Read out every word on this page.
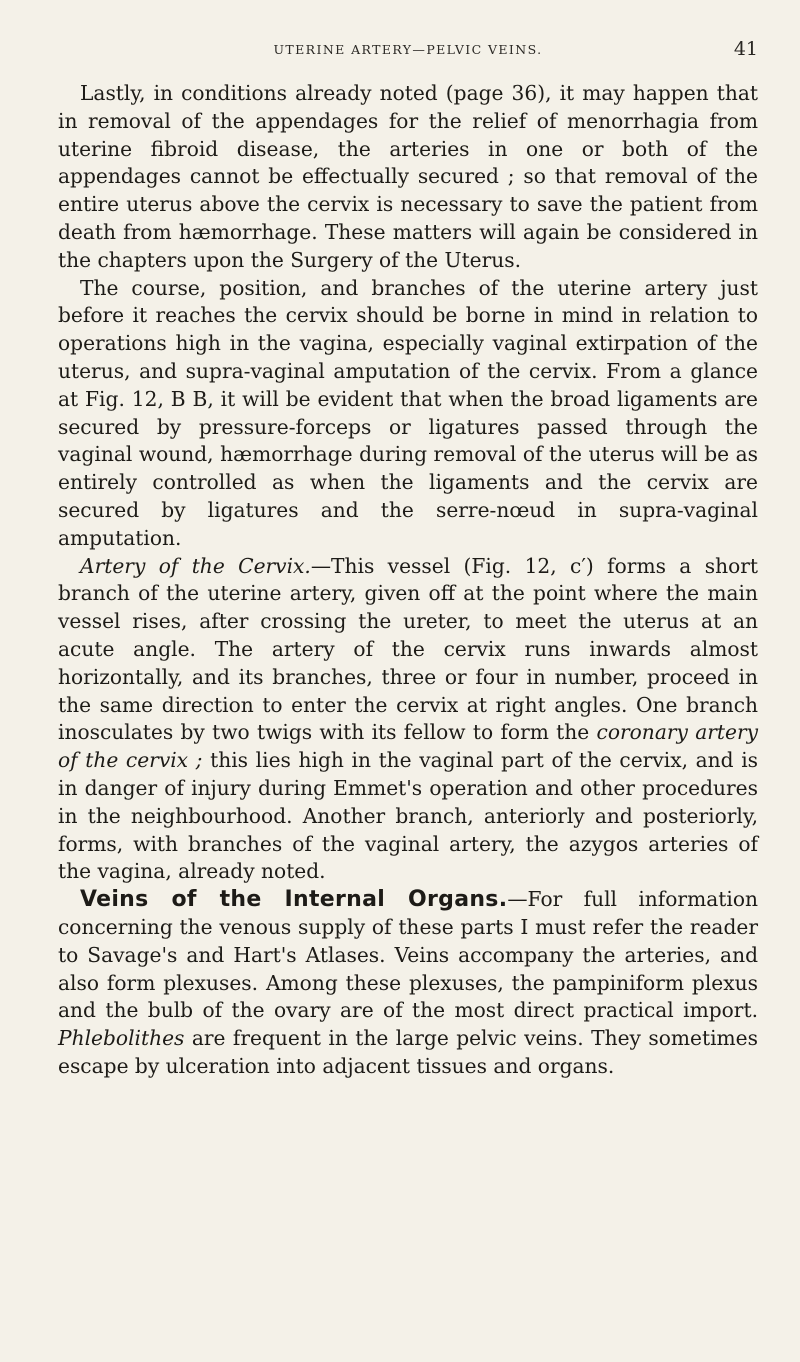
UTERINE ARTERY—PELVIC VEINS.	41

Lastly, in conditions already noted (page 36), it may happen that in removal of the appendages for the relief of menorrhagia from uterine fibroid disease, the arteries in one or both of the appendages cannot be effectually secured ; so that removal of the entire uterus above the cervix is necessary to save the patient from death from hæmorrhage. These matters will again be considered in the chapters upon the Surgery of the Uterus.

The course, position, and branches of the uterine artery just before it reaches the cervix should be borne in mind in relation to operations high in the vagina, especially vaginal extirpation of the uterus, and supra-vaginal amputation of the cervix. From a glance at Fig. 12, B B, it will be evident that when the broad ligaments are secured by pressure-forceps or ligatures passed through the vaginal wound, hæmorrhage during removal of the uterus will be as entirely controlled as when the ligaments and the cervix are secured by ligatures and the serre-nœud in supra-vaginal amputation.

Artery of the Cervix.—This vessel (Fig. 12, c′) forms a short branch of the uterine artery, given off at the point where the main vessel rises, after crossing the ureter, to meet the uterus at an acute angle. The artery of the cervix runs inwards almost horizontally, and its branches, three or four in number, proceed in the same direction to enter the cervix at right angles. One branch inosculates by two twigs with its fellow to form the coronary artery of the cervix ; this lies high in the vaginal part of the cervix, and is in danger of injury during Emmet's operation and other procedures in the neighbourhood. Another branch, anteriorly and posteriorly, forms, with branches of the vaginal artery, the azygos arteries of the vagina, already noted.

Veins of the Internal Organs.—For full information concerning the venous supply of these parts I must refer the reader to Savage's and Hart's Atlases. Veins accompany the arteries, and also form plexuses. Among these plexuses, the pampiniform plexus and the bulb of the ovary are of the most direct practical import. Phlebolithes are frequent in the large pelvic veins. They sometimes escape by ulceration into adjacent tissues and organs.
